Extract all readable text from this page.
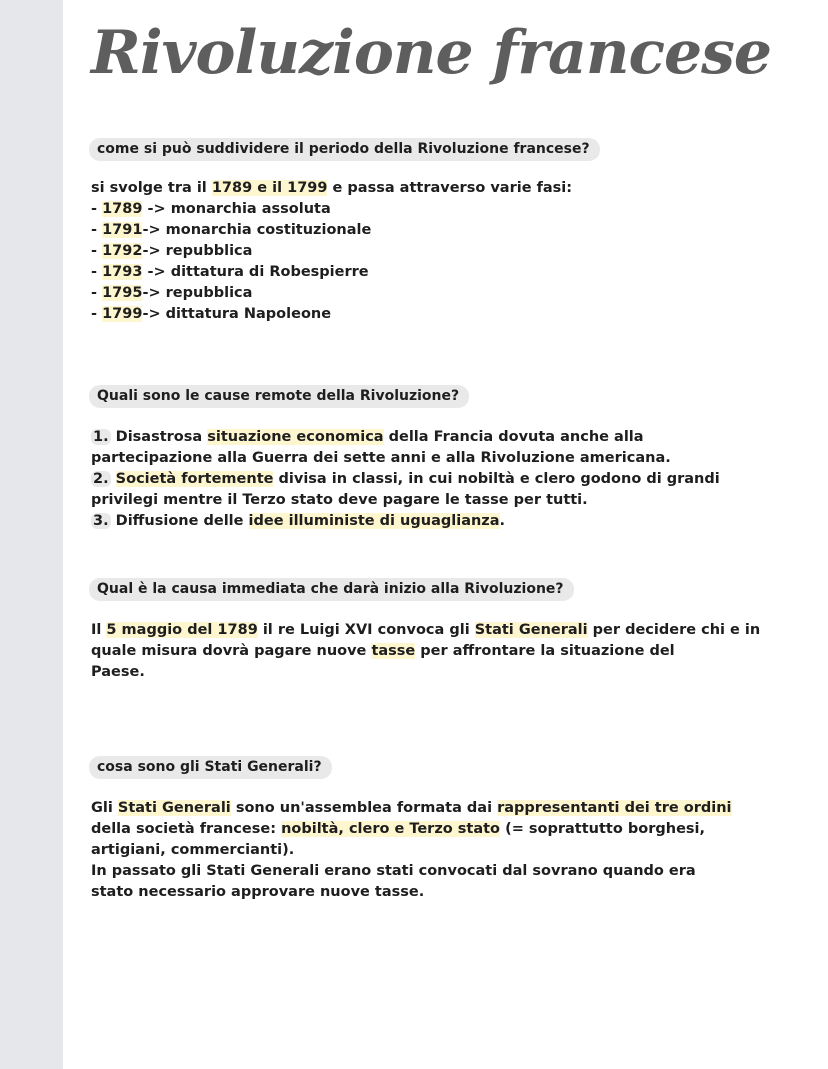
Rivoluzione francese
come si può suddividere il periodo della Rivoluzione francese?
si svolge tra il 1789 e il 1799 e passa attraverso varie fasi:
- 1789 -> monarchia assoluta
- 1791-> monarchia costituzionale
- 1792-> repubblica
- 1793 -> dittatura di Robespierre
- 1795-> repubblica
- 1799-> dittatura Napoleone
Quali sono le cause remote della Rivoluzione?
1. Disastrosa situazione economica della Francia dovuta anche alla
partecipazione alla Guerra dei sette anni e alla Rivoluzione americana.
2. Società fortemente divisa in classi, in cui nobiltà e clero godono di grandi
privilegi mentre il Terzo stato deve pagare le tasse per tutti.
3. Diffusione delle idee illuministe di uguaglianza.
Qual è la causa immediata che darà inizio alla Rivoluzione?
Il 5 maggio del 1789 il re Luigi XVI convoca gli Stati Generali per decidere chi e in
quale misura dovrà pagare nuove tasse per affrontare la situazione del
Paese.
cosa sono gli Stati Generali?
Gli Stati Generali sono un'assemblea formata dai rappresentanti dei tre ordini
della società francese: nobiltà, clero e Terzo stato (= soprattutto borghesi,
artigiani, commercianti).
In passato gli Stati Generali erano stati convocati dal sovrano quando era
stato necessario approvare nuove tasse.
